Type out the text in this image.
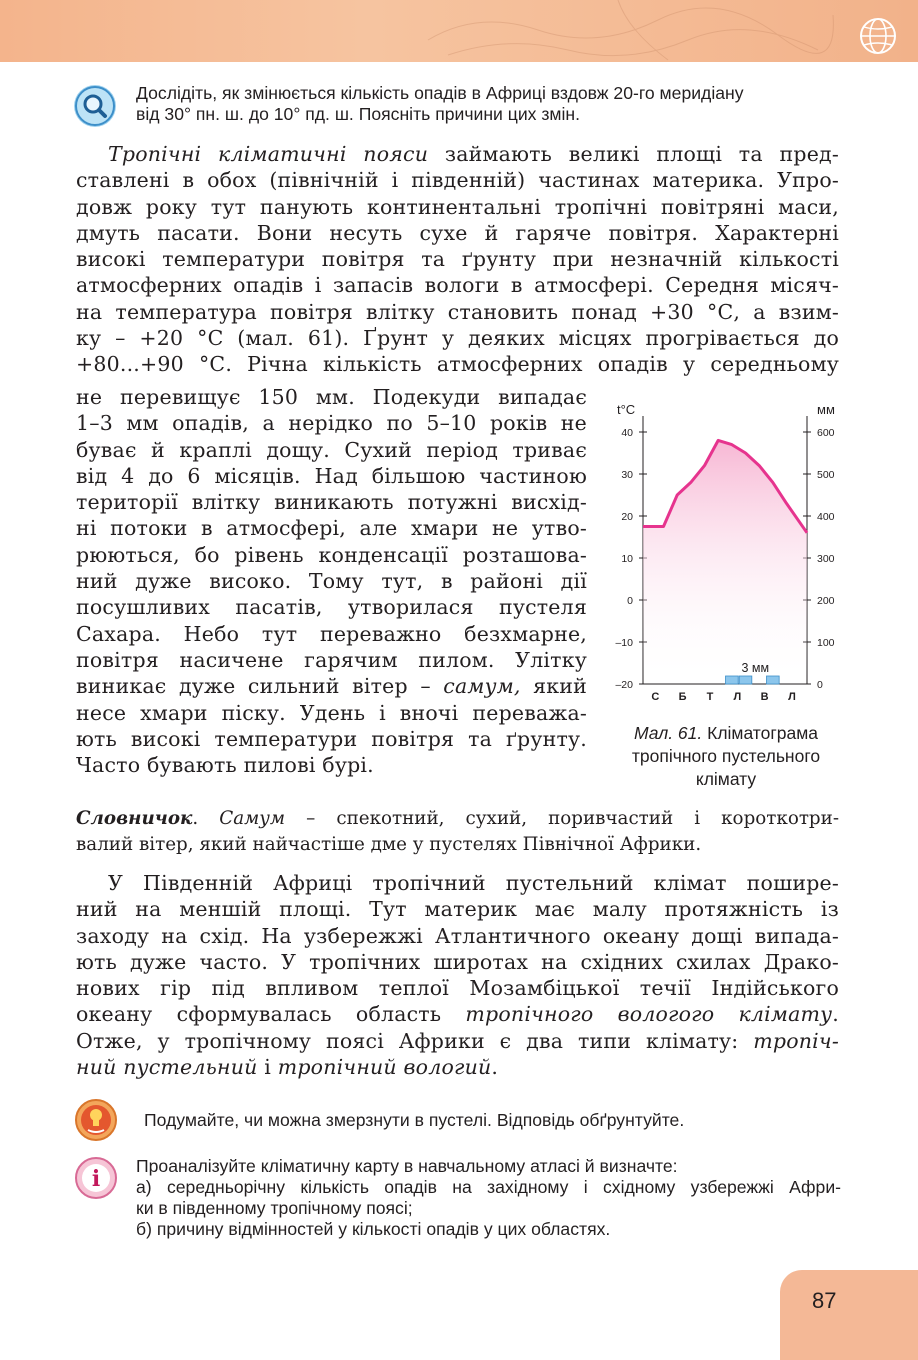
Дослідіть, як змінюється кількість опадів в Африці вздовж 20-го меридіану
від 30° пн. ш. до 10° пд. ш. Поясніть причини цих змін.
Тропічні кліматичні пояси займають великі площі та пред-
ставлені в обох (північній і південній) частинах материка. Упро-
довж року тут панують континентальні тропічні повітряні маси,
дмуть пасати. Вони несуть сухе й гаряче повітря. Характерні
високі температури повітря та ґрунту при незначній кількості
атмосферних опадів і запасів вологи в атмосфері. Середня місяч-
на температура повітря влітку становить понад +30 °С, а взим-
ку – +20 °С (мал. 61). Ґрунт у деяких місцях прогрівається до
+80...+90 °С. Річна кількість атмосферних опадів у середньому
не перевищує 150 мм. Подекуди випадає
1–3 мм опадів, а нерідко по 5–10 років не
буває й краплі дощу. Сухий період триває
від 4 до 6 місяців. Над більшою частиною
території влітку виникають потужні висхід-
ні потоки в атмосфері, але хмари не утво-
рюються, бо рівень конденсації розташова-
ний дуже високо. Тому тут, в районі дії
посушливих пасатів, утворилася пустеля
Сахара. Небо тут переважно безхмарне,
повітря насичене гарячим пилом. Улітку
виникає дуже сильний вітер – самум, який
несе хмари піску. Удень і вночі переважа-
ють високі температури повітря та ґрунту.
Часто бувають пилові бурі.
t°C	мм
40
30
20
10
0
–10
–20
600
500
400
300
200
100
0
3 мм
С Б Т Л В Л
Мал. 61. Кліматограма тропічного пустельного клімату
Словничок. Самум – спекотний, сухий, поривчастий і короткотри-
валий вітер, який найчастіше дме у пустелях Північної Африки.
У Південній Африці тропічний пустельний клімат пошире-
ний на меншій площі. Тут материк має малу протяжність із
заходу на схід. На узбережжі Атлантичного океану дощі випада-
ють дуже часто. У тропічних широтах на східних схилах Драко-
нових гір під впливом теплої Мозамбіцької течії Індійського
океану сформувалась область тропічного вологого клімату.
Отже, у тропічному поясі Африки є два типи клімату: тропіч-
ний пустельний і тропічний вологий.
Подумайте, чи можна змерзнути в пустелі. Відповідь обґрунтуйте.
i Проаналізуйте кліматичну карту в навчальному атласі й визначте:
а) середньорічну кількість опадів на західному і східному узбережжі Афри-
ки в південному тропічному поясі;
б) причину відмінностей у кількості опадів у цих областях.
87
